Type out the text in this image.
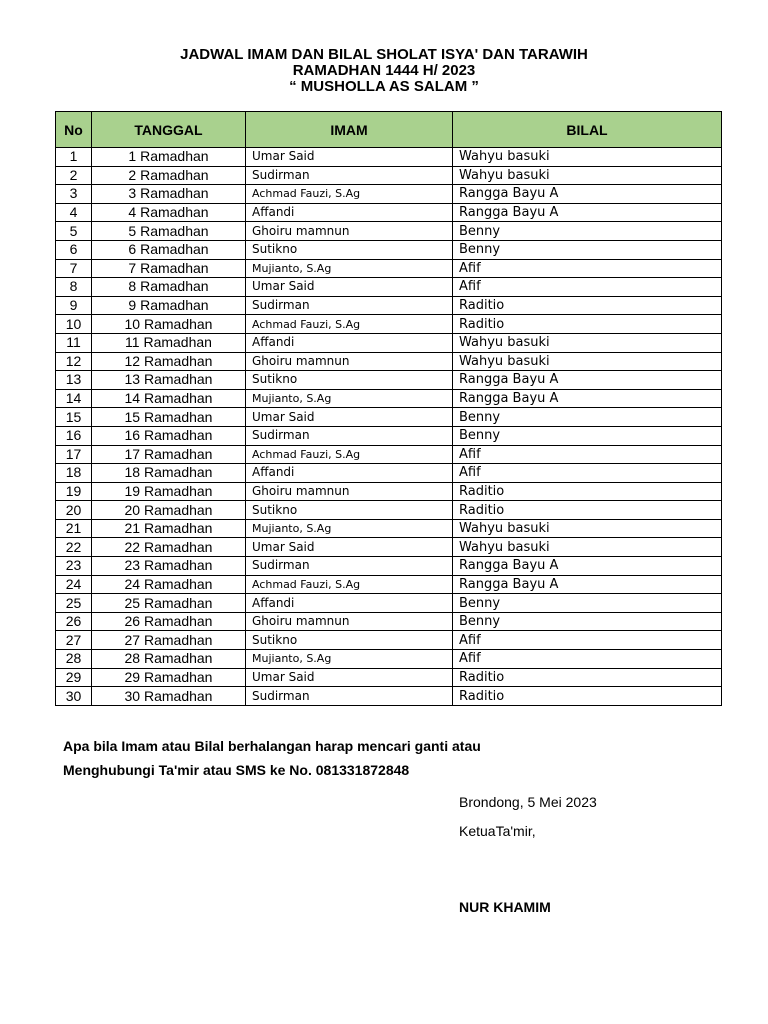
JADWAL IMAM DAN BILAL SHOLAT ISYA' DAN TARAWIH
RAMADHAN 1444 H/ 2023
“ MUSHOLLA AS SALAM ”
No	TANGGAL	IMAM	BILAL
1	1 Ramadhan	Umar Said	Wahyu basuki
2	2 Ramadhan	Sudirman	Wahyu basuki
3	3 Ramadhan	Achmad Fauzi, S.Ag	Rangga Bayu A
4	4 Ramadhan	Affandi	Rangga Bayu A
5	5 Ramadhan	Ghoiru mamnun	Benny
6	6 Ramadhan	Sutikno	Benny
7	7 Ramadhan	Mujianto, S.Ag	Afif
8	8 Ramadhan	Umar Said	Afif
9	9 Ramadhan	Sudirman	Raditio
10	10 Ramadhan	Achmad Fauzi, S.Ag	Raditio
11	11 Ramadhan	Affandi	Wahyu basuki
12	12 Ramadhan	Ghoiru mamnun	Wahyu basuki
13	13 Ramadhan	Sutikno	Rangga Bayu A
14	14 Ramadhan	Mujianto, S.Ag	Rangga Bayu A
15	15 Ramadhan	Umar Said	Benny
16	16 Ramadhan	Sudirman	Benny
17	17 Ramadhan	Achmad Fauzi, S.Ag	Afif
18	18 Ramadhan	Affandi	Afif
19	19 Ramadhan	Ghoiru mamnun	Raditio
20	20 Ramadhan	Sutikno	Raditio
21	21 Ramadhan	Mujianto, S.Ag	Wahyu basuki
22	22 Ramadhan	Umar Said	Wahyu basuki
23	23 Ramadhan	Sudirman	Rangga Bayu A
24	24 Ramadhan	Achmad Fauzi, S.Ag	Rangga Bayu A
25	25 Ramadhan	Affandi	Benny
26	26 Ramadhan	Ghoiru mamnun	Benny
27	27 Ramadhan	Sutikno	Afif
28	28 Ramadhan	Mujianto, S.Ag	Afif
29	29 Ramadhan	Umar Said	Raditio
30	30 Ramadhan	Sudirman	Raditio
Apa bila Imam atau Bilal berhalangan harap mencari ganti atau
Menghubungi Ta'mir atau SMS ke No. 081331872848
Brondong, 5 Mei 2023
KetuaTa'mir,
NUR KHAMIM
